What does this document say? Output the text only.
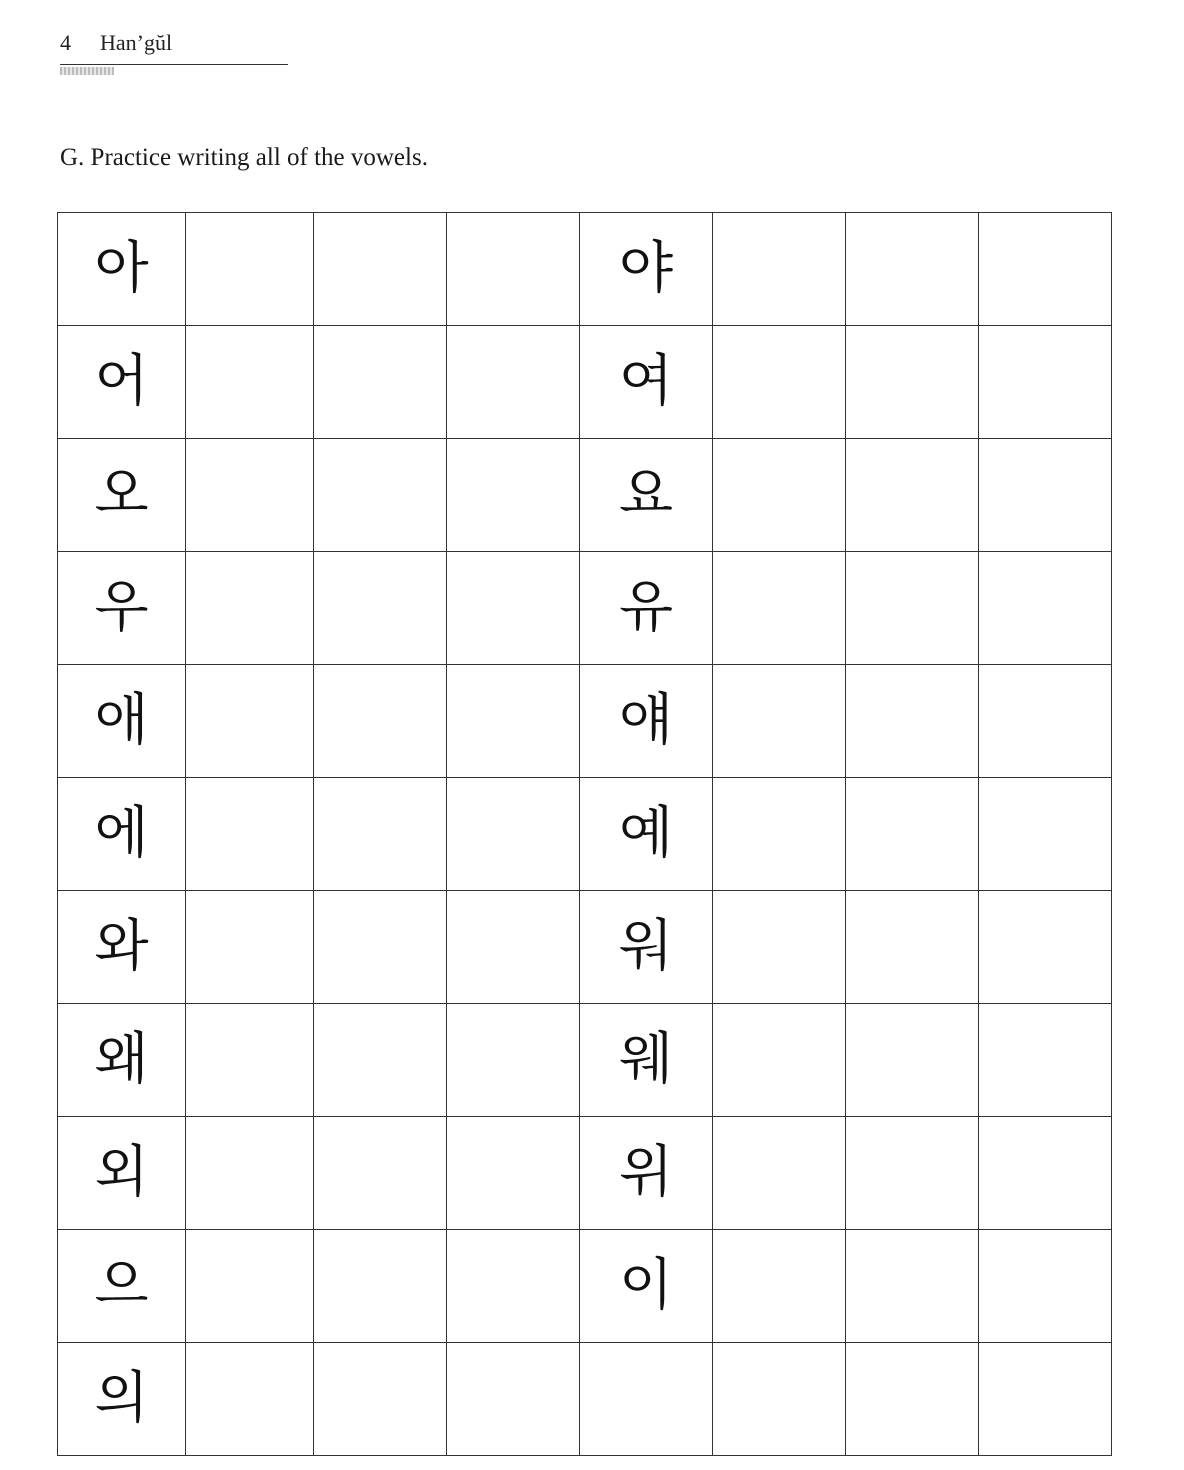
4 Han’gŭl
G. Practice writing all of the vowels.
아				야			
어				여			
오				요			
우				유			
애				얘			
에				예			
와				워			
왜				웨			
외				위			
으				이			
의							
